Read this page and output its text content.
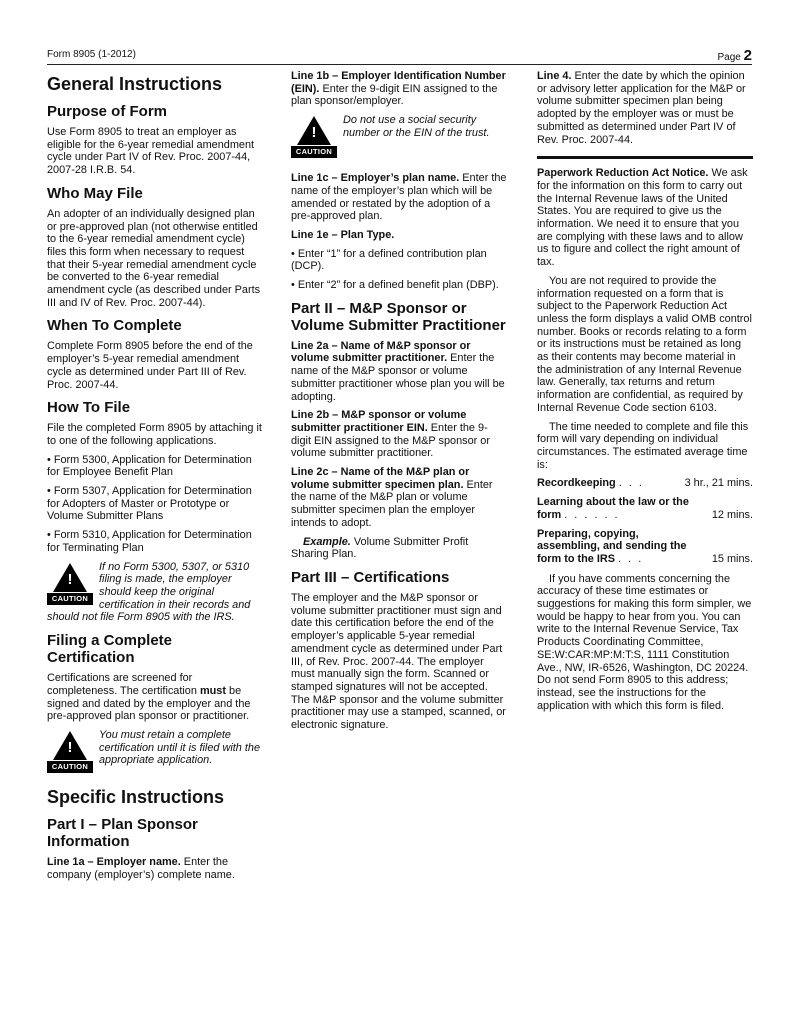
Form 8905 (1-2012)	Page 2
General Instructions
Purpose of Form

Use Form 8905 to treat an employer as eligible for the 6-year remedial amendment cycle under Part IV of Rev. Proc. 2007-44, 2007-28 I.R.B. 54.

Who May File

An adopter of an individually designed plan or pre-approved plan (not otherwise entitled to the 6-year remedial amendment cycle) files this form when necessary to request that their 5-year remedial amendment cycle be converted to the 6-year remedial amendment cycle (as described under Parts III and IV of Rev. Proc. 2007-44).

When To Complete

Complete Form 8905 before the end of the employer’s 5-year remedial amendment cycle as determined under Part III of Rev. Proc. 2007-44.

How To File

File the completed Form 8905 by attaching it to one of the following applications.

• Form 5300, Application for Determination for Employee Benefit Plan

• Form 5307, Application for Determination for Adopters of Master or Prototype or Volume Submitter Plans

• Form 5310, Application for Determination for Terminating Plan

!
CAUTION
If no Form 5300, 5307, or 5310 filing is made, the employer should keep the original certification in their records and should not file Form 8905 with the IRS.
Filing a Complete Certification

Certifications are screened for completeness. The certification must be signed and dated by the employer and the pre-approved plan sponsor or practitioner.

!
CAUTION
You must retain a complete certification until it is filed with the appropriate application.
Specific Instructions
Part I – Plan Sponsor Information

Line 1a – Employer name. Enter the company (employer’s) complete name.

Line 1b – Employer Identification Number (EIN). Enter the 9-digit EIN assigned to the plan sponsor/employer.

!
CAUTION
Do not use a social security number or the EIN of the trust.

Line 1c – Employer’s plan name. Enter the name of the employer’s plan which will be amended or restated by the adoption of a pre-approved plan.

Line 1e – Plan Type.

• Enter “1” for a defined contribution plan (DCP).

• Enter “2” for a defined benefit plan (DBP).

Part II – M&P Sponsor or Volume Submitter Practitioner

Line 2a – Name of M&P sponsor or volume submitter practitioner. Enter the name of the M&P sponsor or volume submitter practitioner whose plan you will be adopting.

Line 2b – M&P sponsor or volume submitter practitioner EIN. Enter the 9-digit EIN assigned to the M&P sponsor or volume submitter practitioner.

Line 2c – Name of the M&P plan or volume submitter specimen plan. Enter the name of the M&P plan or volume submitter specimen plan the employer intends to adopt.

Example. Volume Submitter Profit Sharing Plan.

Part III – Certifications

The employer and the M&P sponsor or volume submitter practitioner must sign and date this certification before the end of the employer’s applicable 5-year remedial amendment cycle as determined under Part III, of Rev. Proc. 2007-44. The employer must manually sign the form. Scanned or stamped signatures will not be accepted. The M&P sponsor and the volume submitter practitioner may use a stamped, scanned, or electronic signature.

Line 4. Enter the date by which the opinion or advisory letter application for the M&P or volume submitter specimen plan being adopted by the employer was or must be submitted as determined under Part IV of Rev. Proc. 2007-44.

Paperwork Reduction Act Notice. We ask for the information on this form to carry out the Internal Revenue laws of the United States. You are required to give us the information. We need it to ensure that you are complying with these laws and to allow us to figure and collect the right amount of tax.

You are not required to provide the information requested on a form that is subject to the Paperwork Reduction Act unless the form displays a valid OMB control number. Books or records relating to a form or its instructions must be retained as long as their contents may become material in the administration of any Internal Revenue law. Generally, tax returns and return information are confidential, as required by Internal Revenue Code section 6103.

The time needed to complete and file this form will vary depending on individual circumstances. The estimated average time is:

Recordkeeping . . .	3 hr., 21 mins.
Learning about the law or the form . . . . . .	12 mins.
Preparing, copying, assembling, and sending the form to the IRS . . .	15 mins.

If you have comments concerning the accuracy of these time estimates or suggestions for making this form simpler, we would be happy to hear from you. You can write to the Internal Revenue Service, Tax Products Coordinating Committee, SE:W:CAR:MP:M:T:S, 1111 Constitution Ave., NW, IR-6526, Washington, DC 20224. Do not send Form 8905 to this address; instead, see the instructions for the application with which this form is filed.
